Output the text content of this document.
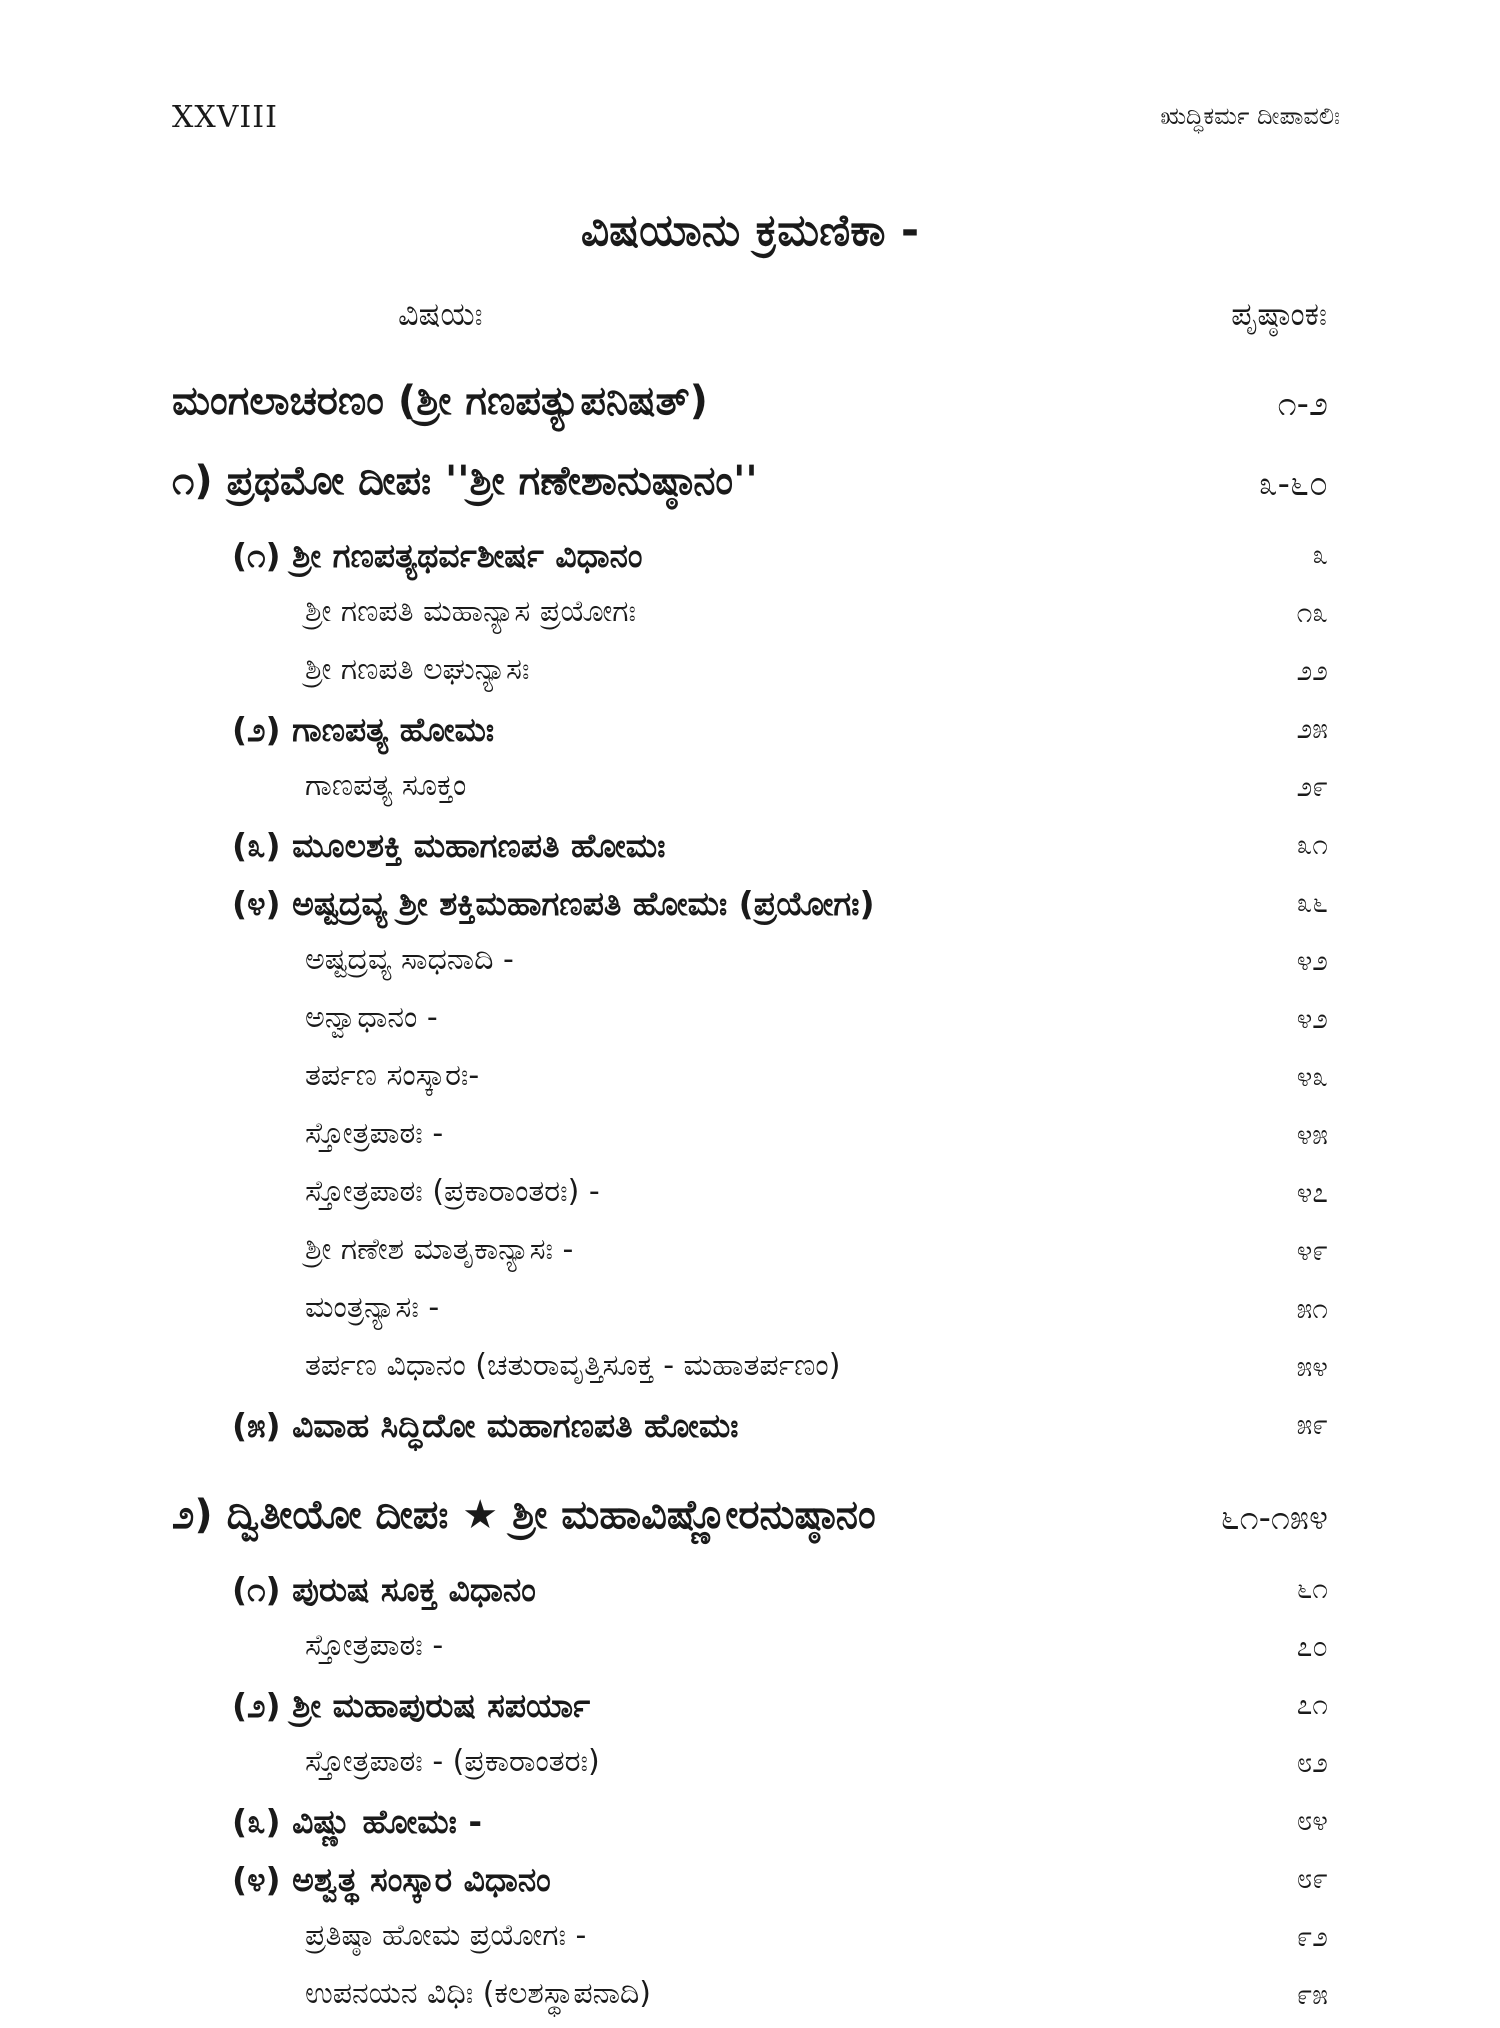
XXVIII	ಋದ್ಧಿಕರ್ಮ ದೀಪಾವಲಿಃ
ವಿಷಯಾನು ಕ್ರಮಣಿಕಾ -
ವಿಷಯಃ	ಪೃಷ್ಠಾಂಕಃ
ಮಂಗಲಾಚರಣಂ (ಶ್ರೀ ಗಣಪತ್ಯುಪನಿಷತ್)	೧-೨
೧) ಪ್ರಥಮೋ ದೀಪಃ ''ಶ್ರೀ ಗಣೇಶಾನುಷ್ಠಾನಂ''	೩-೬೦
(೧) ಶ್ರೀ ಗಣಪತ್ಯಥರ್ವಶೀರ್ಷ ವಿಧಾನಂ	೩
ಶ್ರೀ ಗಣಪತಿ ಮಹಾನ್ಯಾಸ ಪ್ರಯೋಗಃ	೧೩
ಶ್ರೀ ಗಣಪತಿ ಲಘುನ್ಯಾಸಃ	೨೨
(೨) ಗಾಣಪತ್ಯ ಹೋಮಃ	೨೫
ಗಾಣಪತ್ಯ ಸೂಕ್ತಂ	೨೯
(೩) ಮೂಲಶಕ್ತಿ ಮಹಾಗಣಪತಿ ಹೋಮಃ	೩೧
(೪) ಅಷ್ಟದ್ರವ್ಯ ಶ್ರೀ ಶಕ್ತಿಮಹಾಗಣಪತಿ ಹೋಮಃ (ಪ್ರಯೋಗಃ)	೩೬
ಅಷ್ಟದ್ರವ್ಯ ಸಾಧನಾದಿ -	೪೨
ಅನ್ವಾಧಾನಂ -	೪೨
ತರ್ಪಣ ಸಂಸ್ಕಾರಃ-	೪೩
ಸ್ತೋತ್ರಪಾಠಃ -	೪೫
ಸ್ತೋತ್ರಪಾಠಃ (ಪ್ರಕಾರಾಂತರಃ) -	೪೭
ಶ್ರೀ ಗಣೇಶ ಮಾತೃಕಾನ್ಯಾಸಃ -	೪೯
ಮಂತ್ರನ್ಯಾಸಃ -	೫೧
ತರ್ಪಣ ವಿಧಾನಂ (ಚತುರಾವೃತ್ತಿಸೂಕ್ತ - ಮಹಾತರ್ಪಣಂ)	೫೪
(೫) ವಿವಾಹ ಸಿದ್ಧಿದೋ ಮಹಾಗಣಪತಿ ಹೋಮಃ	೫೯
೨) ದ್ವಿತೀಯೋ ದೀಪಃ ★ ಶ್ರೀ ಮಹಾವಿಷ್ಣೋರನುಷ್ಠಾನಂ	೬೧-೧೫೪
(೧) ಪುರುಷ ಸೂಕ್ತ ವಿಧಾನಂ	೬೧
ಸ್ತೋತ್ರಪಾಠಃ -	೭೦
(೨) ಶ್ರೀ ಮಹಾಪುರುಷ ಸಪರ್ಯಾ	೭೧
ಸ್ತೋತ್ರಪಾಠಃ - (ಪ್ರಕಾರಾಂತರಃ)	೮೨
(೩) ವಿಷ್ಣು ಹೋಮಃ -	೮೪
(೪) ಅಶ್ವತ್ಥ ಸಂಸ್ಕಾರ ವಿಧಾನಂ	೮೯
ಪ್ರತಿಷ್ಠಾ ಹೋಮ ಪ್ರಯೋಗಃ -	೯೨
ಉಪನಯನ ವಿಧಿಃ (ಕಲಶಸ್ಥಾಪನಾದಿ)	೯೫
